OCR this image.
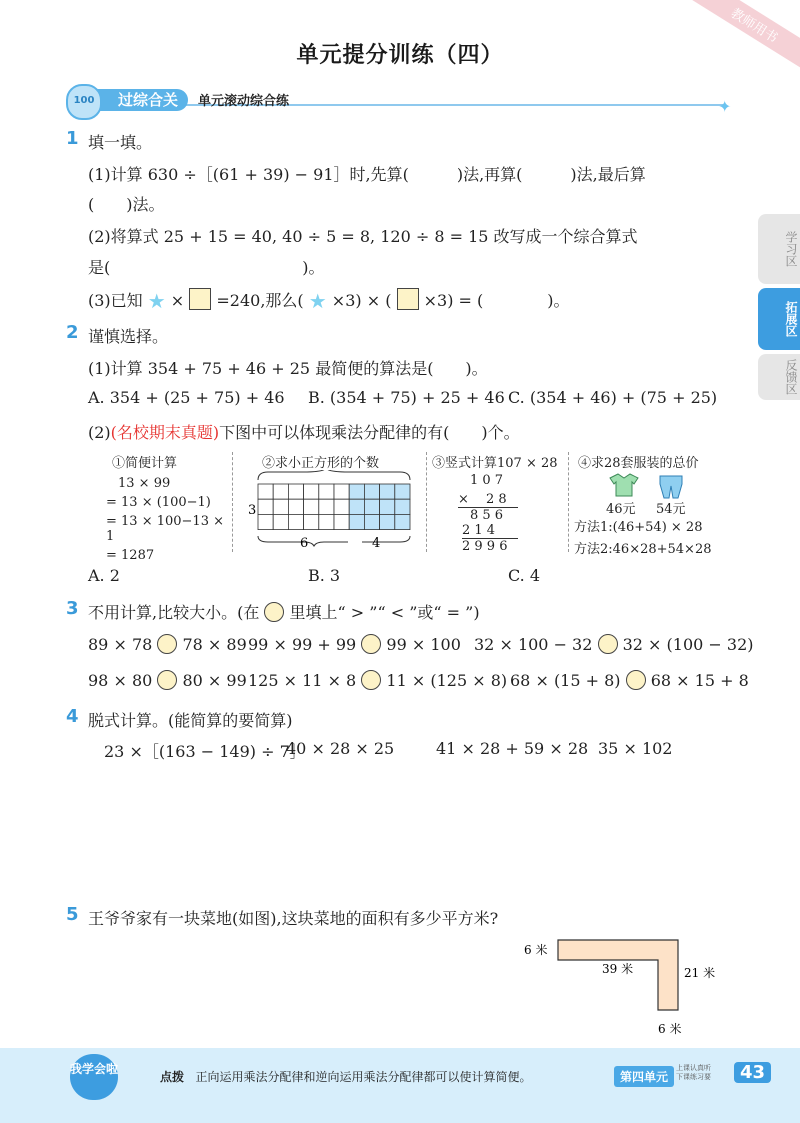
教师用书
单元提分训练（四）
过综合关
100	单元滚动综合练	✦
学习区
拓展区
反馈区
1 填一填。
(1)计算 630 ÷［(61 + 39) − 91］时,先算(　　　)法,再算(　　　)法,最后算
(　　)法。
(2)将算式 25 + 15 = 40, 40 ÷ 5 = 8, 120 ÷ 8 = 15 改写成一个综合算式
是(　　　　　　　　　　　　)。
(3)已知 ★ × =240,那么( ★ ×3) × ( ×3) = (　　　　)。
2 谨慎选择。
(1)计算 354 + 75 + 46 + 25 最简便的算法是(　　)。
A. 354 + (25 + 75) + 46 B. (354 + 75) + 25 + 46 C. (354 + 46) + (75 + 25)
(2)(名校期末真题)下图中可以体现乘法分配律的有(　　)个。
①简便计算
13 × 99
= 13 × (100−1)
= 13 × 100−13 × 1
= 1287
②求小正方形的个数
3
6	4
③竖式计算107 × 28
1 0 7
×　 2 8
8 5 6
2 1 4
2 9 9 6
④求28套服装的总价
46元 54元
方法1:(46+54) × 28
方法2:46×28+54×28
A. 2	B. 3	C. 4
3 不用计算,比较大小。(在 里填上“ > ”“ < ”或“ = ”)
89 × 78 78 × 89 99 × 99 + 99 99 × 100 32 × 100 − 32 32 × (100 − 32)
98 × 80 80 × 99 125 × 11 × 8 11 × (125 × 8) 68 × (15 + 8) 68 × 15 + 8
4 脱式计算。(能简算的要简算)
23 ×［(163 − 149) ÷ 7］
40 × 28 × 25	41 × 28 + 59 × 28 35 × 102
5 王爷爷家有一块菜地(如图),这块菜地的面积有多少平方米?
6 米
39 米	21 米
6 米
我学会啦
点拨 正向运用乘法分配律和逆向运用乘法分配律都可以使计算简便。	第四单元
上课认真听
下课练习要	43
